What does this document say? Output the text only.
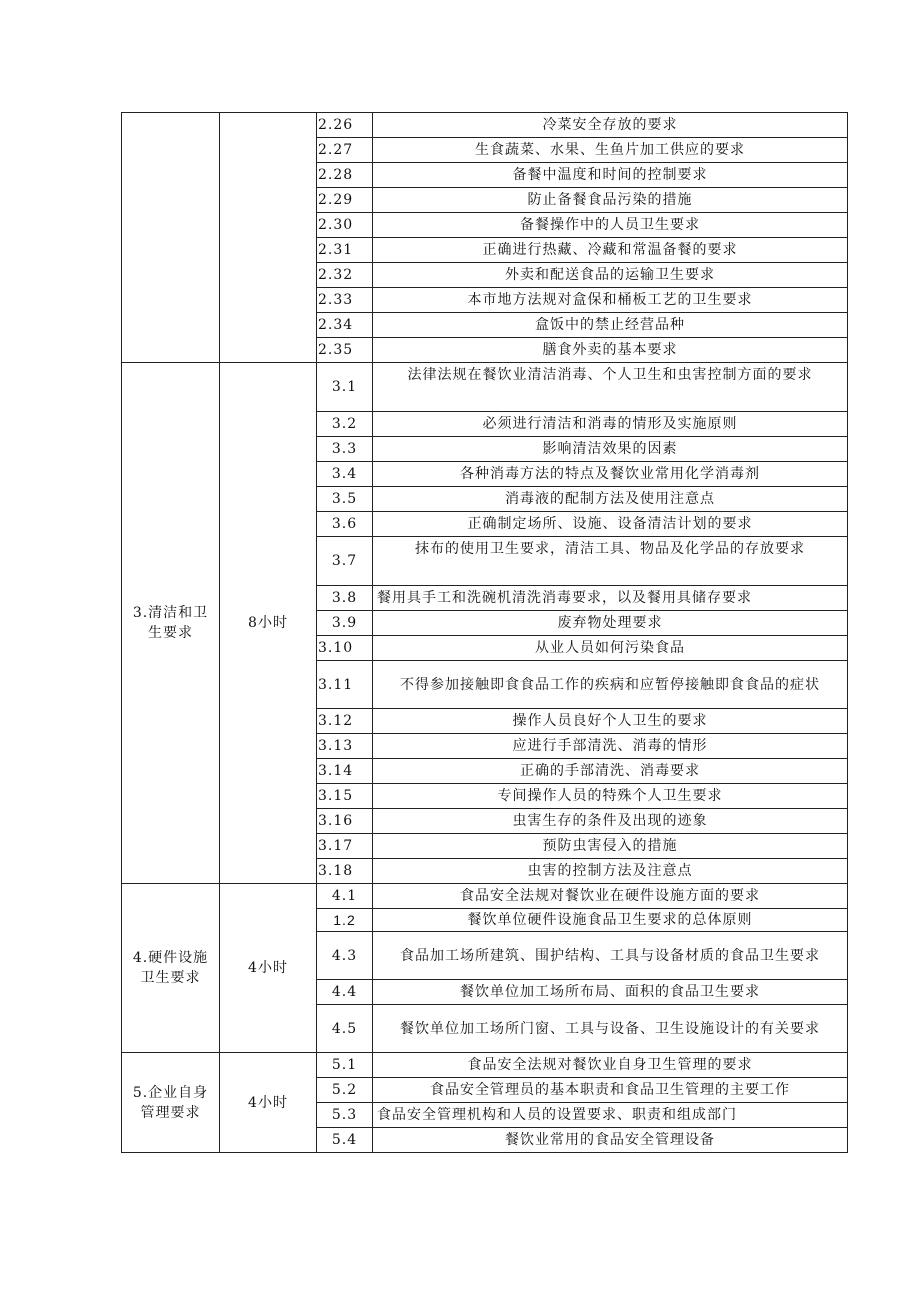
		2.26	冷菜安全存放的要求
		2.27	生食蔬菜、水果、生鱼片加工供应的要求
		2.28	备餐中温度和时间的控制要求
		2.29	防止备餐食品污染的措施
		2.30	备餐操作中的人员卫生要求
		2.31	正确进行热藏、冷藏和常温备餐的要求
		2.32	外卖和配送食品的运输卫生要求
		2.33	本市地方法规对盒保和桶板工艺的卫生要求
		2.34	盒饭中的禁止经营品种
		2.35	膳食外卖的基本要求
3.清洁和卫生要求	8小时	3.1	法律法规在餐饮业清洁消毒、个人卫生和虫害控制方面的要求
		3.2	必须进行清洁和消毒的情形及实施原则
		3.3	影响清洁效果的因素
		3.4	各种消毒方法的特点及餐饮业常用化学消毒剂
		3.5	消毒液的配制方法及使用注意点
		3.6	正确制定场所、设施、设备清洁计划的要求
		3.7	抹布的使用卫生要求，清洁工具、物品及化学品的存放要求
		3.8	餐用具手工和洗碗机清洗消毒要求，以及餐用具储存要求
		3.9	废弃物处理要求
		3.10	从业人员如何污染食品
		3.11	不得参加接触即食食品工作的疾病和应暂停接触即食食品的症状
		3.12	操作人员良好个人卫生的要求
		3.13	应进行手部清洗、消毒的情形
		3.14	正确的手部清洗、消毒要求
		3.15	专间操作人员的特殊个人卫生要求
		3.16	虫害生存的条件及出现的迹象
		3.17	预防虫害侵入的措施
		3.18	虫害的控制方法及注意点
4.硬件设施卫生要求	4小时	4.1	食品安全法规对餐饮业在硬件设施方面的要求
		1.2	餐饮单位硬件设施食品卫生要求的总体原则
		4.3	食品加工场所建筑、围护结构、工具与设备材质的食品卫生要求
		4.4	餐饮单位加工场所布局、面积的食品卫生要求
		4.5	餐饮单位加工场所门窗、工具与设备、卫生设施设计的有关要求
5.企业自身管理要求	4小时	5.1	食品安全法规对餐饮业自身卫生管理的要求
		5.2	食品安全管理员的基本职责和食品卫生管理的主要工作
		5.3	食品安全管理机构和人员的设置要求、职责和组成部门
		5.4	餐饮业常用的食品安全管理设备
